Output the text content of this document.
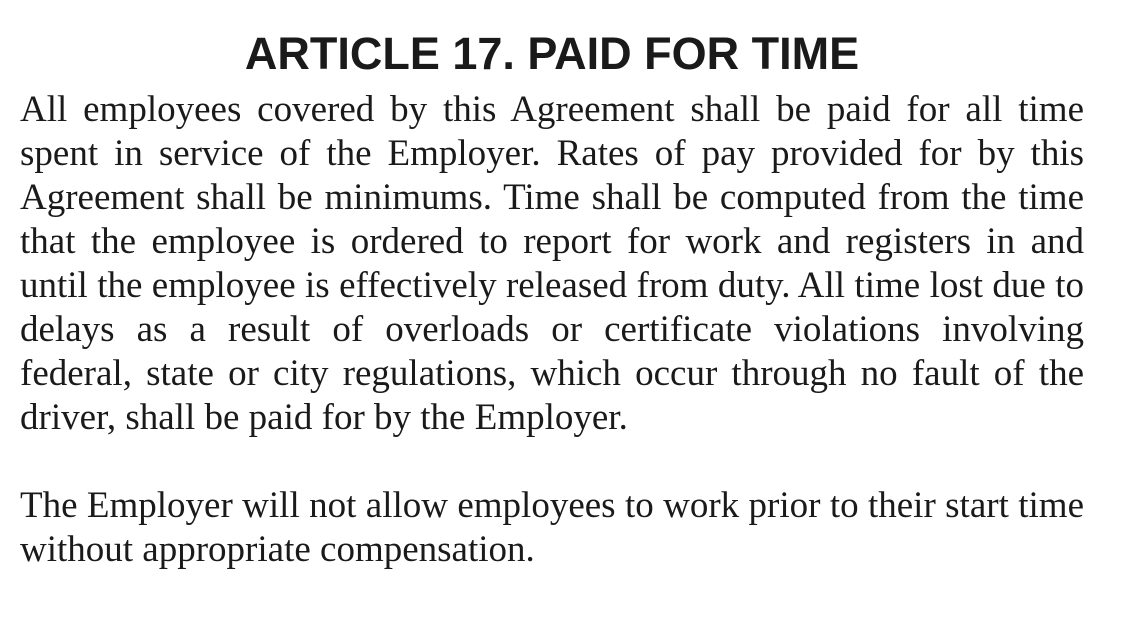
ARTICLE 17. PAID FOR TIME

All employees covered by this Agreement shall be paid for all time spent in service of the Employer. Rates of pay provided for by this Agreement shall be minimums. Time shall be computed from the time that the employee is ordered to report for work and registers in and until the employee is effectively released from duty. All time lost due to delays as a result of overloads or certificate violations involving federal, state or city regulations, which occur through no fault of the driver, shall be paid for by the Employer.

The Employer will not allow employees to work prior to their start time without appropriate compensation.
